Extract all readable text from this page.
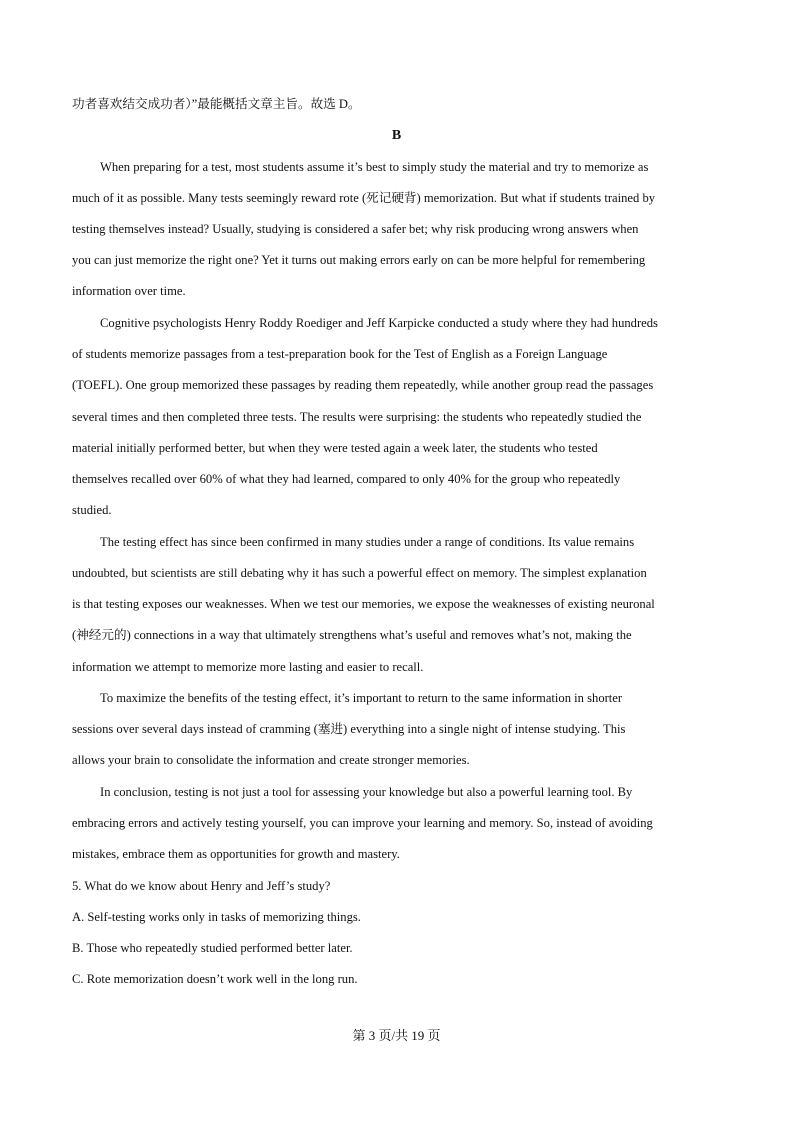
功者喜欢结交成功者）”最能概括文章主旨。故选 D。
B
When preparing for a test, most students assume it’s best to simply study the material and try to memorize as
much of it as possible. Many tests seemingly reward rote (死记硬背) memorization. But what if students trained by
testing themselves instead? Usually, studying is considered a safer bet; why risk producing wrong answers when
you can just memorize the right one? Yet it turns out making errors early on can be more helpful for remembering
information over time.
Cognitive psychologists Henry Roddy Roediger and Jeff Karpicke conducted a study where they had hundreds
of students memorize passages from a test-preparation book for the Test of English as a Foreign Language
(TOEFL). One group memorized these passages by reading them repeatedly, while another group read the passages
several times and then completed three tests. The results were surprising: the students who repeatedly studied the
material initially performed better, but when they were tested again a week later, the students who tested
themselves recalled over 60% of what they had learned, compared to only 40% for the group who repeatedly
studied.
The testing effect has since been confirmed in many studies under a range of conditions. Its value remains
undoubted, but scientists are still debating why it has such a powerful effect on memory. The simplest explanation
is that testing exposes our weaknesses. When we test our memories, we expose the weaknesses of existing neuronal
(神经元的) connections in a way that ultimately strengthens what’s useful and removes what’s not, making the
information we attempt to memorize more lasting and easier to recall.
To maximize the benefits of the testing effect, it’s important to return to the same information in shorter
sessions over several days instead of cramming (塞进) everything into a single night of intense studying. This
allows your brain to consolidate the information and create stronger memories.
In conclusion, testing is not just a tool for assessing your knowledge but also a powerful learning tool. By
embracing errors and actively testing yourself, you can improve your learning and memory. So, instead of avoiding
mistakes, embrace them as opportunities for growth and mastery.
5. What do we know about Henry and Jeff’s study?
A. Self-testing works only in tasks of memorizing things.
B. Those who repeatedly studied performed better later.
C. Rote memorization doesn’t work well in the long run.
第 3 页/共 19 页
